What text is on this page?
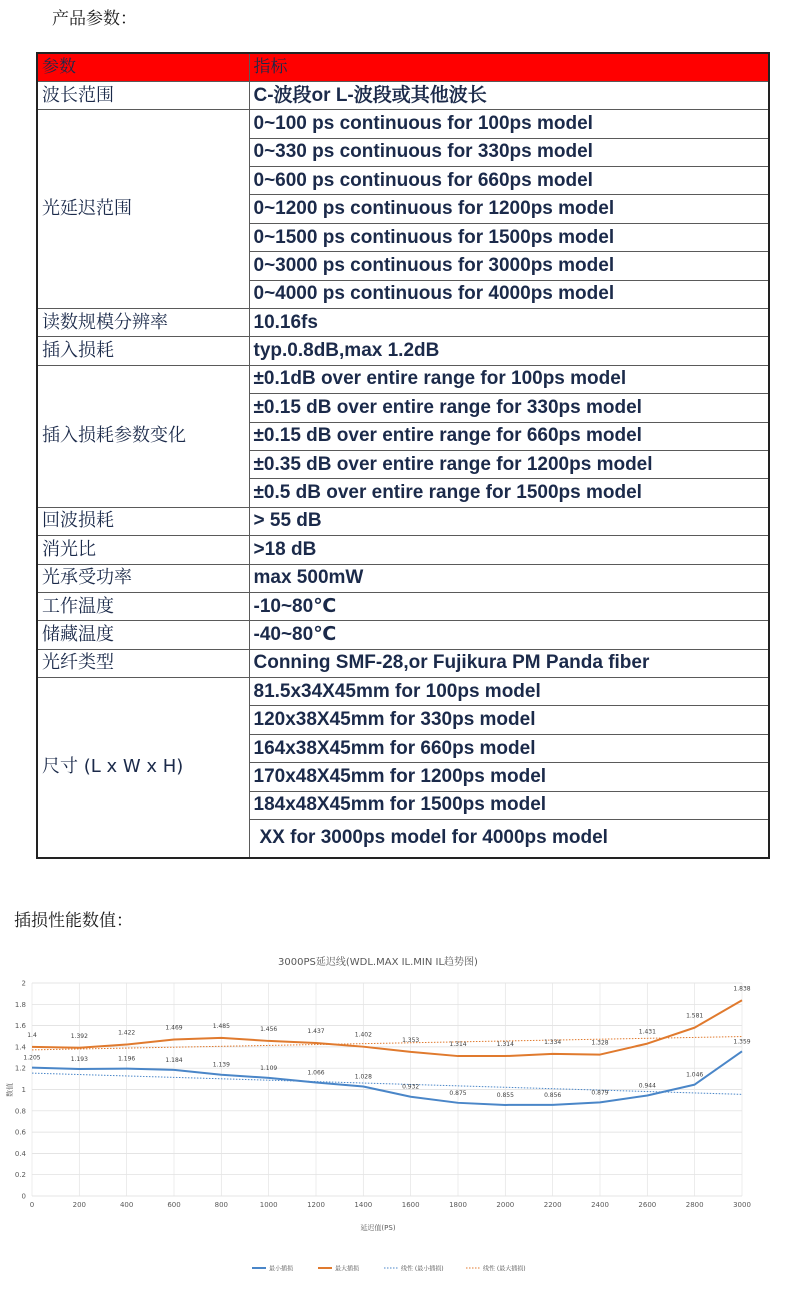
产品参数：
参数	指标
波长范围	C-波段or L-波段或其他波长
光延迟范围	0~100 ps continuous for 100ps model
	0~330 ps continuous for 330ps model
	0~600 ps continuous for 660ps model
	0~1200 ps continuous for 1200ps model
	0~1500 ps continuous for 1500ps model
	0~3000 ps continuous for 3000ps model
	0~4000 ps continuous for 4000ps model
读数规模分辨率	10.16fs
插入损耗	typ.0.8dB,max 1.2dB
插入损耗参数变化	±0.1dB over entire range for 100ps model
	±0.15 dB over entire range for 330ps model
	±0.15 dB over entire range for 660ps model
	±0.35 dB over entire range for 1200ps model
	±0.5 dB over entire range for 1500ps model
回波损耗	> 55 dB
消光比	>18 dB
光承受功率	max 500mW
工作温度	-10~80℃
储藏温度	-40~80℃
光纤类型	Conning SMF-28,or Fujikura PM Panda fiber
尺寸 (L x W x H)	81.5x34X45mm for 100ps model
	120x38X45mm for 330ps model
	164x38X45mm for 660ps model
	170x48X45mm for 1200ps model
	184x48X45mm for 1500ps model
	XX for 3000ps model for 4000ps model
插损性能数值：
3000PS延迟线(WDL.MAX IL.MIN IL趋势图)
0
0.2
0.4
0.6
0.8
1
1.2
1.4
1.6
1.8
2
0	200	400	600	800	1000	1200	1400	1600	1800	2000	2200	2400	2600	2800	3000
1.205	1.193	1.196	1.184
1.139	1.109
1.066
1.028
0.932
0.875	0.855	0.856	0.879
0.944
1.046
1.359
1.4	1.392	1.422
1.469	1.485	1.456	1.437
1.402
1.353
1.314	1.314	1.334	1.328
1.431
1.581
1.838
延迟值(PS)
数值
最小插损	最大插损	线性 (最小插损)	线性 (最大插损)
